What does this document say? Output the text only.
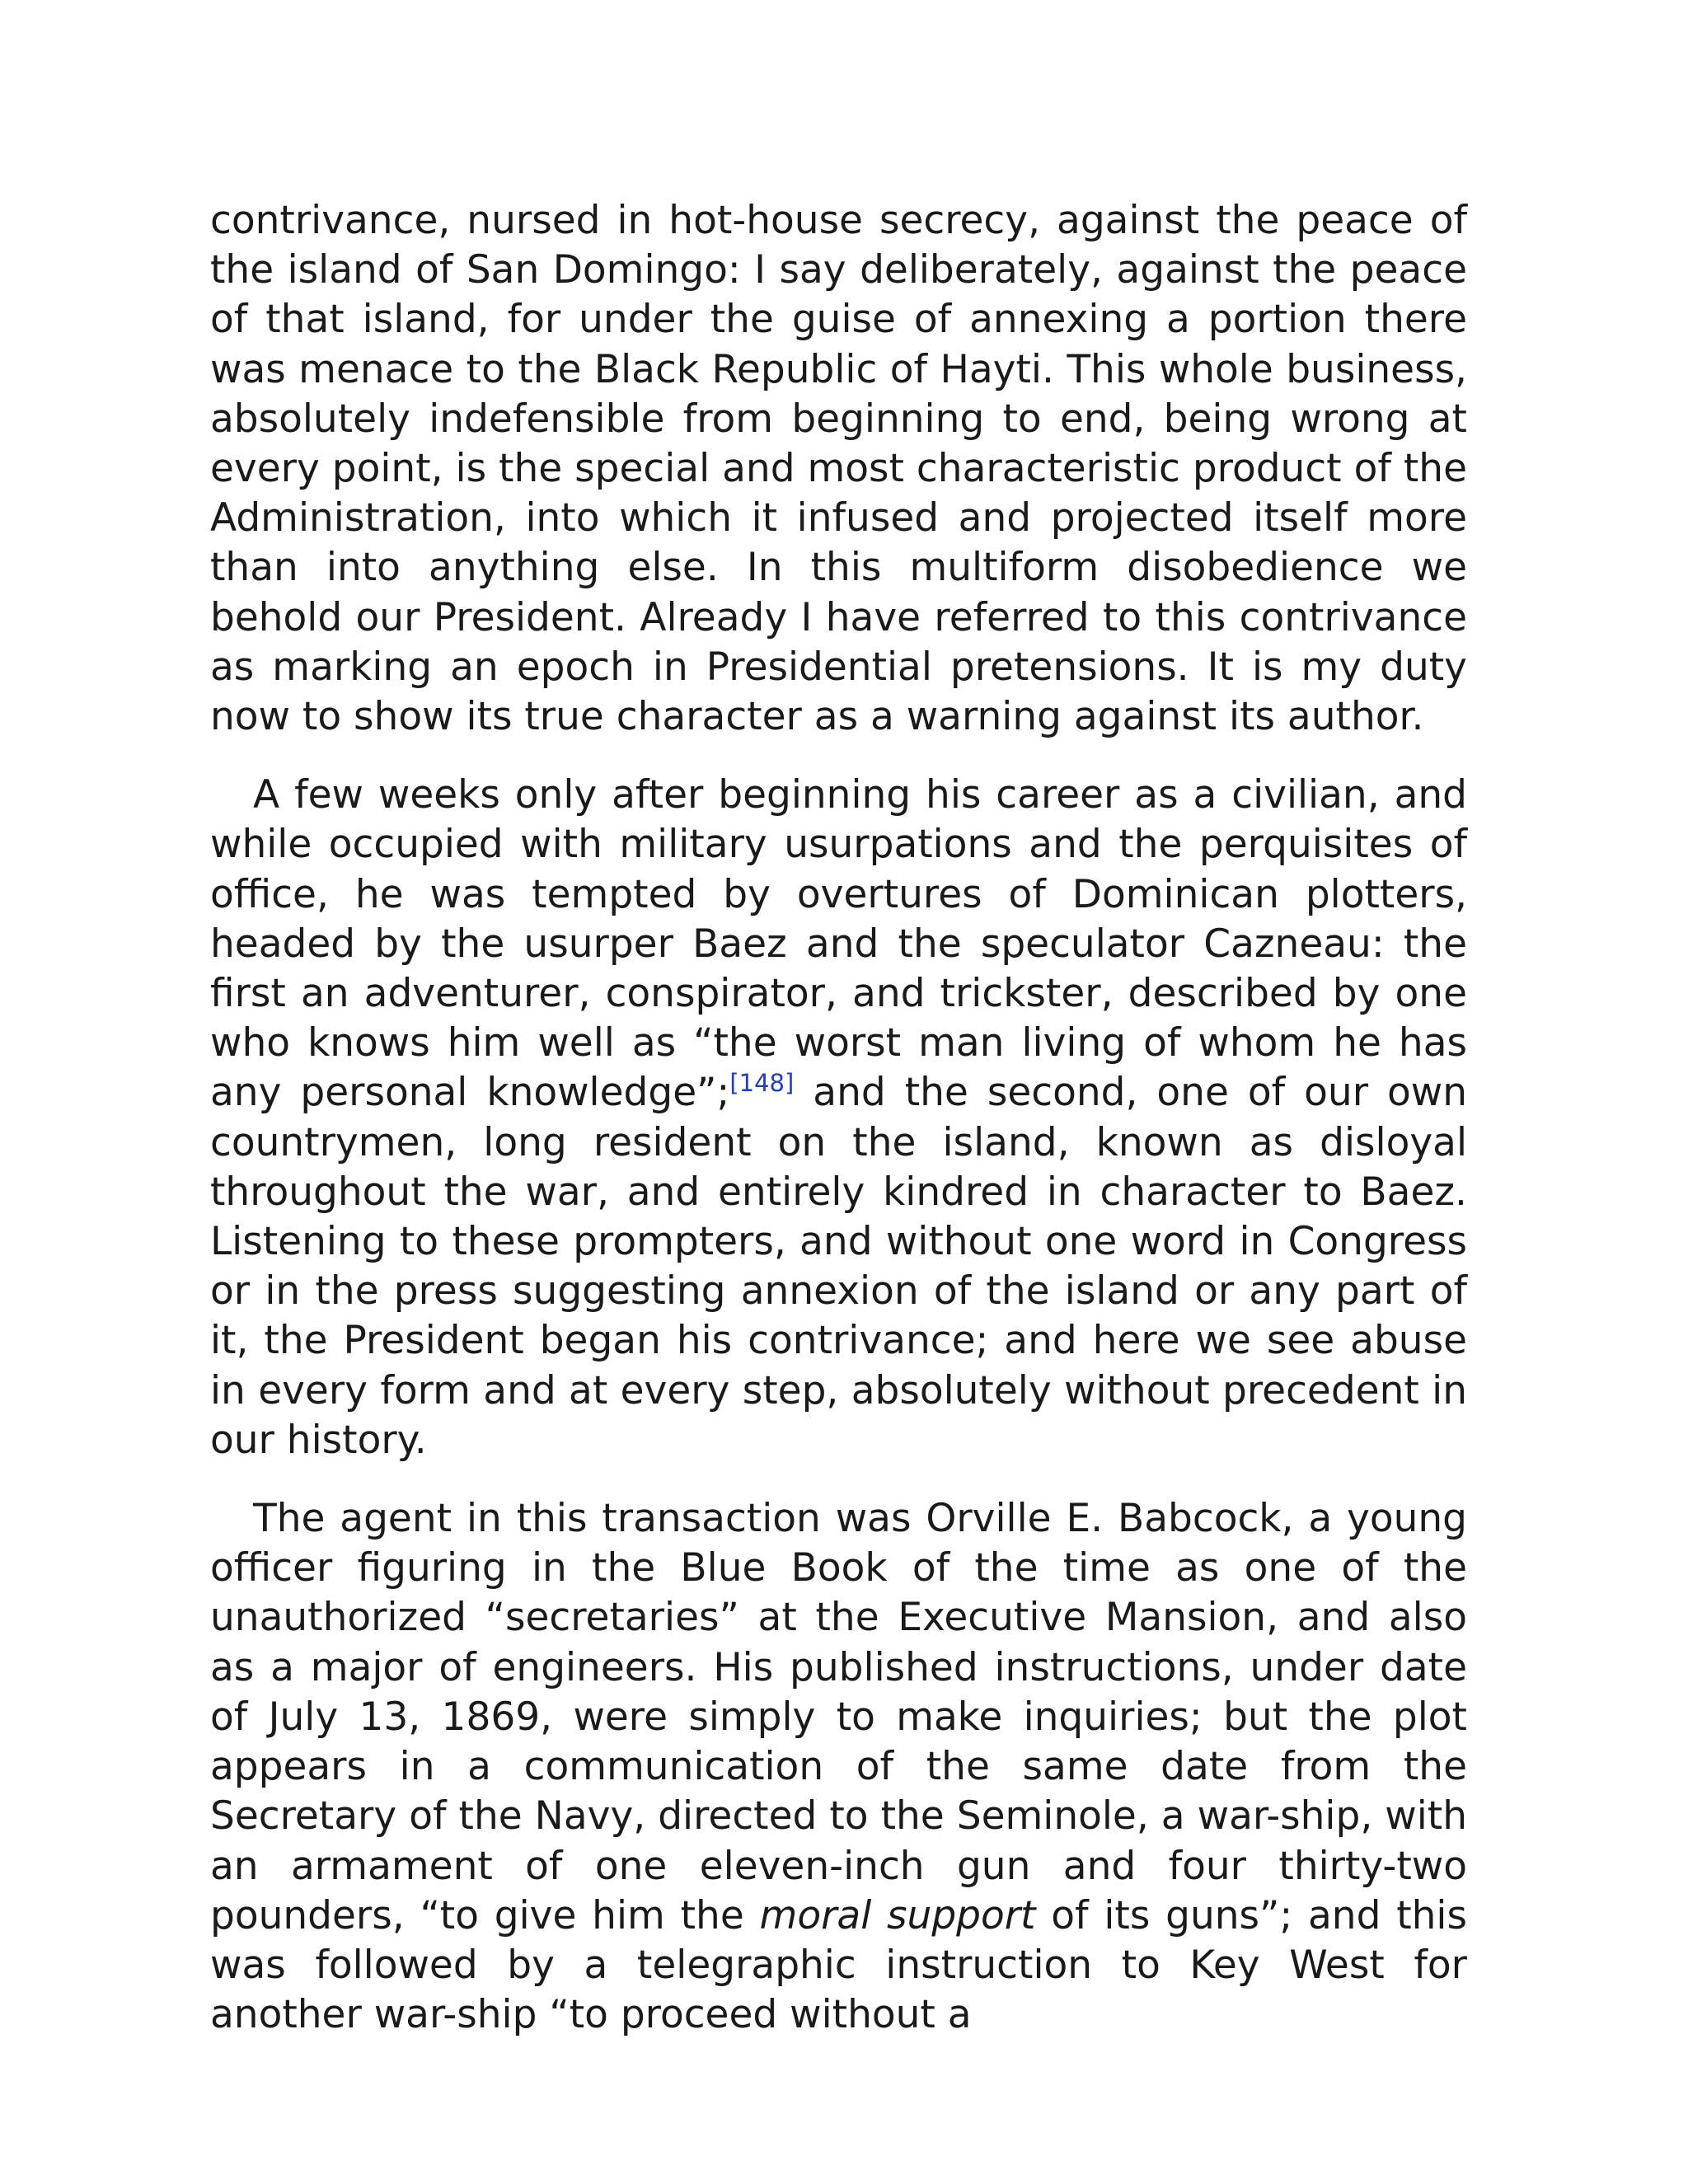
contrivance, nursed in hot-house secrecy, against the peace of the island of San Domingo: I say deliberately, against the peace of that island, for under the guise of annexing a portion there was menace to the Black Republic of Hayti. This whole business, absolutely indefensible from beginning to end, being wrong at every point, is the special and most characteristic product of the Administration, into which it infused and projected itself more than into anything else. In this multiform disobedience we behold our President. Already I have referred to this contrivance as marking an epoch in Presidential pretensions. It is my duty now to show its true character as a warning against its author.

A few weeks only after beginning his career as a civilian, and while occupied with military usurpations and the perquisites of office, he was tempted by overtures of Dominican plotters, headed by the usurper Baez and the speculator Cazneau: the first an adventurer, conspirator, and trickster, described by one who knows him well as “the worst man living of whom he has any personal knowledge”;[148] and the second, one of our own countrymen, long resident on the island, known as disloyal throughout the war, and entirely kindred in character to Baez. Listening to these prompters, and without one word in Congress or in the press suggesting annexion of the island or any part of it, the President began his contrivance; and here we see abuse in every form and at every step, absolutely without precedent in our history.

The agent in this transaction was Orville E. Babcock, a young officer figuring in the Blue Book of the time as one of the unauthorized “secretaries” at the Executive Mansion, and also as a major of engineers. His published instructions, under date of July 13, 1869, were simply to make inquiries; but the plot appears in a communication of the same date from the Secretary of the Navy, directed to the Seminole, a war-ship, with an armament of one eleven-inch gun and four thirty-two pounders, “to give him the moral support of its guns”; and this was followed by a telegraphic instruction to Key West for another war-ship “to proceed without a
